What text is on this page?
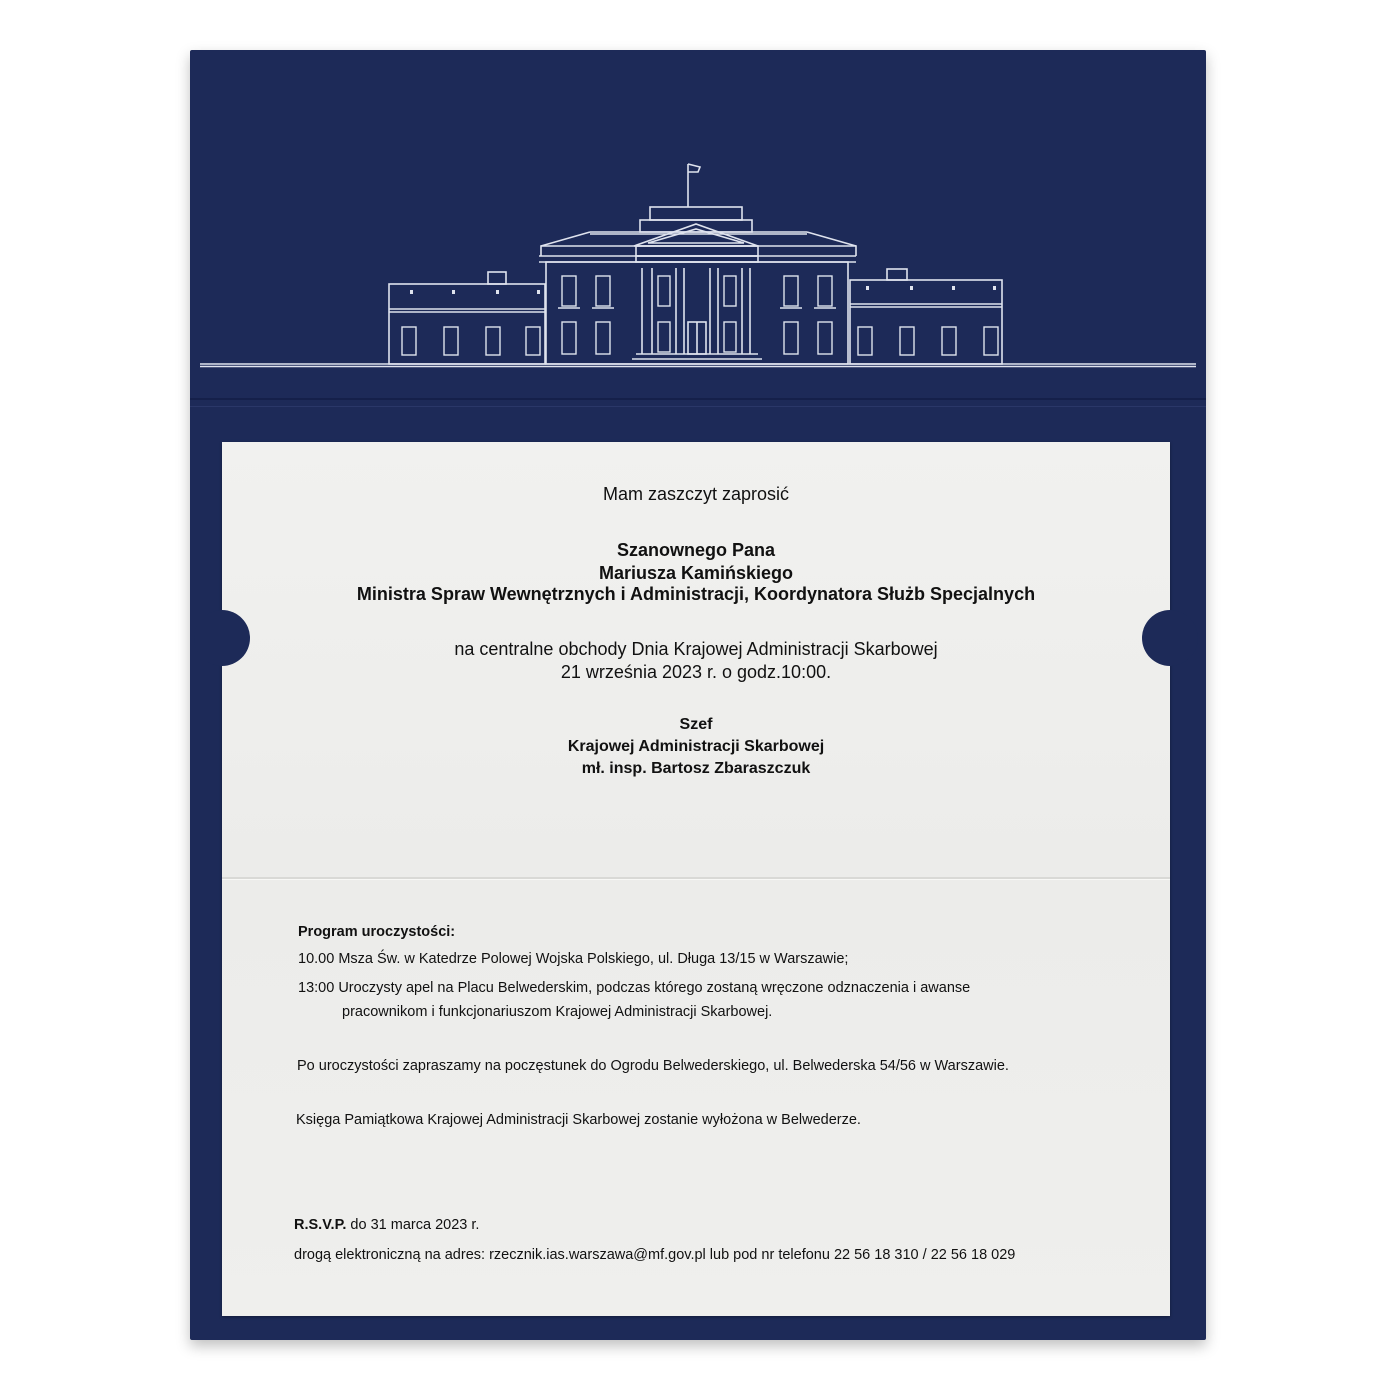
Mam zaszczyt zaprosić
Szanownego Pana
Mariusza Kamińskiego
Ministra Spraw Wewnętrznych i Administracji, Koordynatora Służb Specjalnych
na centralne obchody Dnia Krajowej Administracji Skarbowej
21 września 2023 r. o godz.10:00.
Szef
Krajowej Administracji Skarbowej
mł. insp. Bartosz Zbaraszczuk
Program uroczystości:
10.00 Msza Św. w Katedrze Polowej Wojska Polskiego, ul. Długa 13/15 w Warszawie;
13:00 Uroczysty apel na Placu Belwederskim, podczas którego zostaną wręczone odznaczenia i awanse
pracownikom i funkcjonariuszom Krajowej Administracji Skarbowej.
Po uroczystości zapraszamy na poczęstunek do Ogrodu Belwederskiego, ul. Belwederska 54/56 w Warszawie.
Księga Pamiątkowa Krajowej Administracji Skarbowej zostanie wyłożona w Belwederze.
R.S.V.P. do 31 marca 2023 r.
drogą elektroniczną na adres: rzecznik.ias.warszawa@mf.gov.pl lub pod nr telefonu 22 56 18 310 / 22 56 18 029
